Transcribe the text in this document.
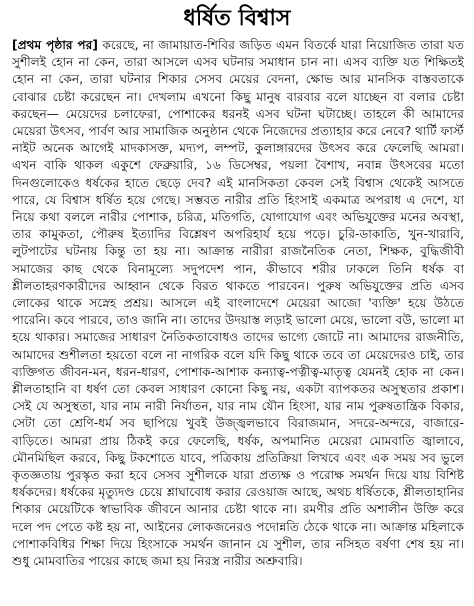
ধর্ষিত বিশ্বাস

[প্রথম পৃষ্ঠার পর] করেছে, না জামায়াত-শিবির জড়িত এমন বিতর্কে যারা নিয়োজিত তারা যত সুশীলই হোন না কেন, তারা আসলে এসব ঘটনার সমাধান চান না। এসব ব্যক্তি যত শিক্ষিতই হোন না কেন, তারা ঘটনার শিকার সেসব মেয়ের বেদনা, ক্ষোভ আর মানসিক বাস্তবতাকে বোঝার চেষ্টা করেছেন না। দেখলাম এখনো কিছু মানুষ বারবার বলে যাচ্ছেন বা বলার চেষ্টা করছেন— মেয়েদের চলাফেরা, পোশাকের ধরনই এসব ঘটনা ঘটাচ্ছে। তাহলে কী আমাদের মেয়েরা উৎসব, পার্বণ আর সামাজিক অনুষ্ঠান থেকে নিজেদের প্রত্যাহার করে নেবে? থার্টি ফার্স্ট নাইট অনেক আগেই মাদকাসক্ত, মদ্যপ, লম্পট, কুলাঙ্গারদের উৎসব করে ফেলেছি আমরা। এখন বাকি থাকল একুশে ফেব্রুয়ারি, ১৬ ডিসেম্বর, পয়লা বৈশাখ, নবান্ন উৎসবের মতো দিনগুলোকেও ধর্ষকের হাতে ছেড়ে দেব? এই মানসিকতা কেবল সেই বিশ্বাস থেকেই আসতে পারে, যে বিশ্বাস ধর্ষিত হয়ে গেছে। সম্ভবত নারীর প্রতি হিংসাই একমাত্র অপরাধ এ দেশে, যা নিয়ে কথা বললে নারীর পোশাক, চরিত্র, মতিগতি, যোগাযোগ এবং অভিযুক্তের মনের অবস্থা, তার কামুকতা, পৌরুষ ইত্যাদির বিশ্লেষণ অপরিহার্য হয়ে পড়ে। চুরি-ডাকাতি, খুন-খারাবি, লুটপাটের ঘটনায় কিন্তু তা হয় না। আক্রান্ত নারীরা রাজনৈতিক নেতা, শিক্ষক, বুদ্ধিজীবী সমাজের কাছ থেকে বিনামূল্যে সদুপদেশ পান, কীভাবে শরীর ঢাকলে তিনি ধর্ষক বা শ্লীলতাহরণকারীদের আহ্বান থেকে বিরত থাকতে পারবেন। পুরুষ অভিযুক্তের প্রতি এসব লোকের থাকে সস্নেহ প্রশ্রয়। আসলে এই বাংলাদেশে মেয়েরা আজো 'ব্যক্তি' হয়ে উঠতে পারেনি। কবে পারবে, তাও জানি না। তাদের উদয়াস্ত লড়াই ভালো মেয়ে, ভালো বউ, ভালো মা হয়ে থাকার। সমাজের সাধারণ নৈতিকতাবোধও তাদের ভাগ্যে জোটে না। আমাদের রাজনীতি, আমাদের শুশীলতা হয়তো বলে না নাগরিক বলে যদি কিছু থাকে তবে তা মেয়েদেরও চাই, তার ব্যক্তিগত জীবন-মন, ধরন-ধারণ, পোশাক-আশাক কন্যাত্ব-পত্নীত্ব-মাতৃত্ব যেমনই হোক না কেন। শ্লীলতাহানি বা ধর্ষণ তো কেবল সাধারণ কোনো কিছু নয়, একটা ব্যাপকতর অসুস্থতার প্রকাশ। সেই যে অসুস্থতা, যার নাম নারী নির্যাতন, যার নাম যৌন হিংসা, যার নাম পুরুষতান্ত্রিক বিকার, সেটা তো শ্রেণি-ধর্ম সব ছাপিয়ে খুবই উজ্জ্বলভাবে বিরাজমান, সদরে-অন্দরে, বাজারে-বাড়িতে। আমরা প্রায় ঠিকই করে ফেলেছি, ধর্ষক, অপমানিত মেয়েরা মোমবাতি জ্বালাবে, মৌনমিছিল করবে, কিছু টকশোতে যাবে, পত্রিকায় প্রতিক্রিয়া লিখবে এবং এক সময় সব ভুলে কৃতজ্ঞতায় পুরস্কৃত করা হবে সেসব সুশীলকে যারা প্রত্যক্ষ ও পরোক্ষ সমর্থন দিয়ে যায় বিশিষ্ট ধর্ষকদের। ধর্ষকের মৃত্যুদণ্ড চেয়ে শ্লাঘাবোধ করার রেওয়াজ আছে, অথচ ধর্ষিতকে, শ্লীলতাহানির শিকার মেয়েটিকে স্বাভাবিক জীবনে আনার চেষ্টা থাকে না। রমণীর প্রতি অশালীন উক্তি করে দলে পদ পেতে কষ্ট হয় না, আইনের লোকজনেরও পদোন্নতি ঠেকে থাকে না। আক্রান্ত মহিলাকে পোশাকবিধির শিক্ষা দিয়ে হিংসাকে সমর্থন জানান যে সুশীল, তার নসিহত বর্ষণা শেষ হয় না। শুধু মোমবাতির পায়ের কাছে জমা হয় নিরস্ত্র নারীর অশ্রুবারি।
